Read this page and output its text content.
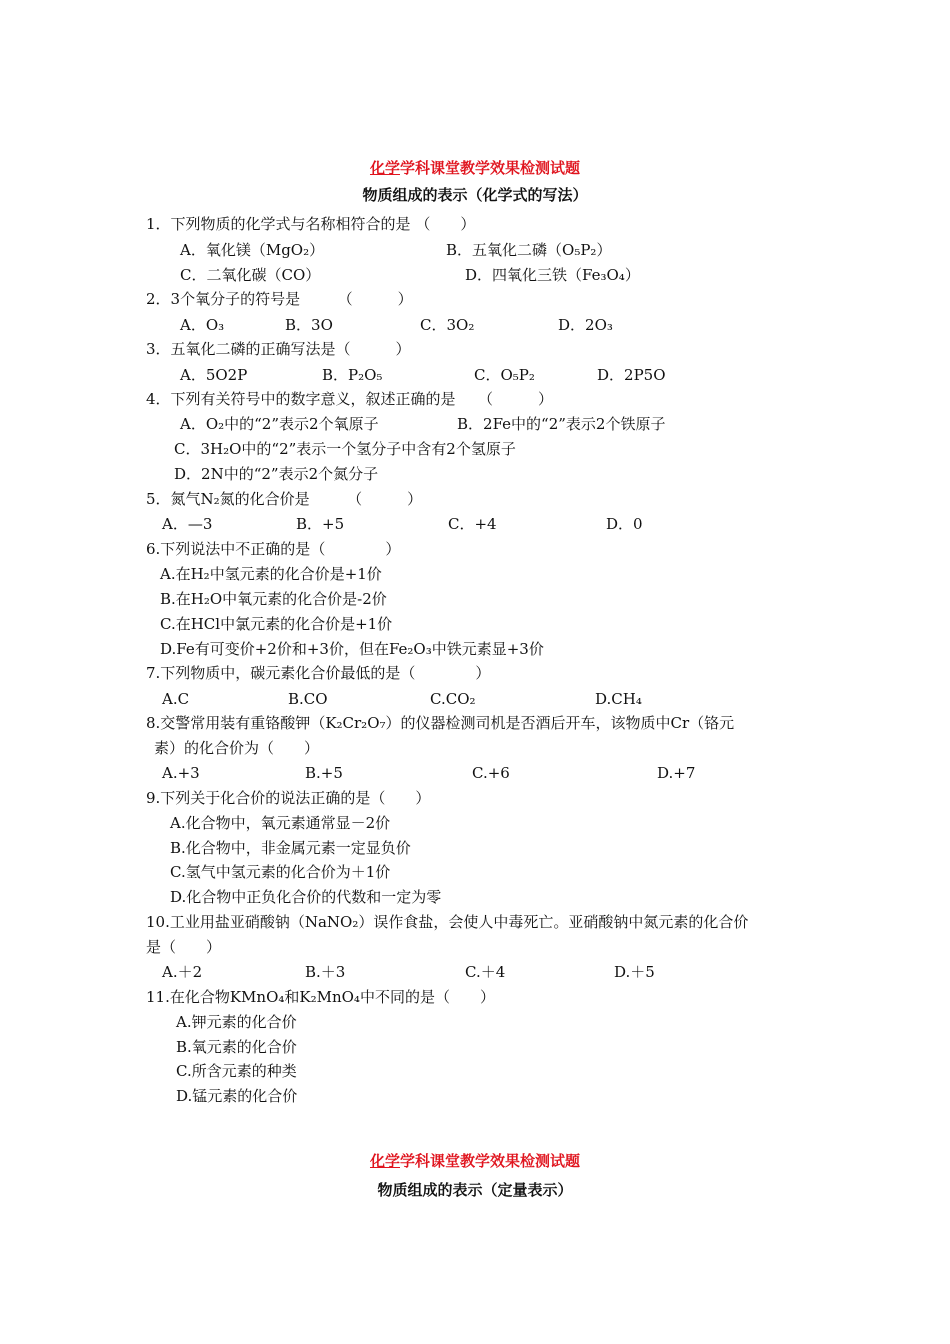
化学学科课堂教学效果检测试题
物质组成的表示（化学式的写法）
1．下列物质的化学式与名称相符合的是 （　　）
A．氧化镁（MgO₂）	B．五氧化二磷（O₅P₂）
C．二氧化碳（CO）	D．四氧化三铁（Fe₃O₄）
2．3个氧分子的符号是　　　（　　　）
A．O₃	B．3O	C．3O₂	D．2O₃
3．五氧化二磷的正确写法是（　　　）
A．5O2P	B．P₂O₅	C．O₅P₂	D．2P5O
4．下列有关符号中的数字意义，叙述正确的是　　（　　　）
A．O₂中的“2”表示2个氧原子	B．2Fe中的“2”表示2个铁原子
C．3H₂O中的“2”表示一个氢分子中含有2个氢原子
D．2N中的“2”表示2个氮分子
5．氮气N₂氮的化合价是　　　（　　　）
A．—3	B．+5	C．+4	D．0
6.下列说法中不正确的是（　　　　）
A.在H₂中氢元素的化合价是+1价
B.在H₂O中氧元素的化合价是-2价
C.在HCl中氯元素的化合价是+1价
D.Fe有可变价+2价和+3价，但在Fe₂O₃中铁元素显+3价
7.下列物质中，碳元素化合价最低的是（　　　　）
A.C	B.CO	C.CO₂	D.CH₄
8.交警常用装有重铬酸钾（K₂Cr₂O₇）的仪器检测司机是否酒后开车，该物质中Cr（铬元
素）的化合价为（　　）
A.+3	B.+5	C.+6	D.+7
9.下列关于化合价的说法正确的是（　　）
A.化合物中，氧元素通常显－2价
B.化合物中，非金属元素一定显负价
C.氢气中氢元素的化合价为＋1价
D.化合物中正负化合价的代数和一定为零
10.工业用盐亚硝酸钠（NaNO₂）误作食盐，会使人中毒死亡。亚硝酸钠中氮元素的化合价
是（　　）
A.＋2	B.＋3	C.＋4	D.＋5
11.在化合物KMnO₄和K₂MnO₄中不同的是（　　）
A.钾元素的化合价
B.氧元素的化合价
C.所含元素的种类
D.锰元素的化合价
化学学科课堂教学效果检测试题
物质组成的表示（定量表示）
